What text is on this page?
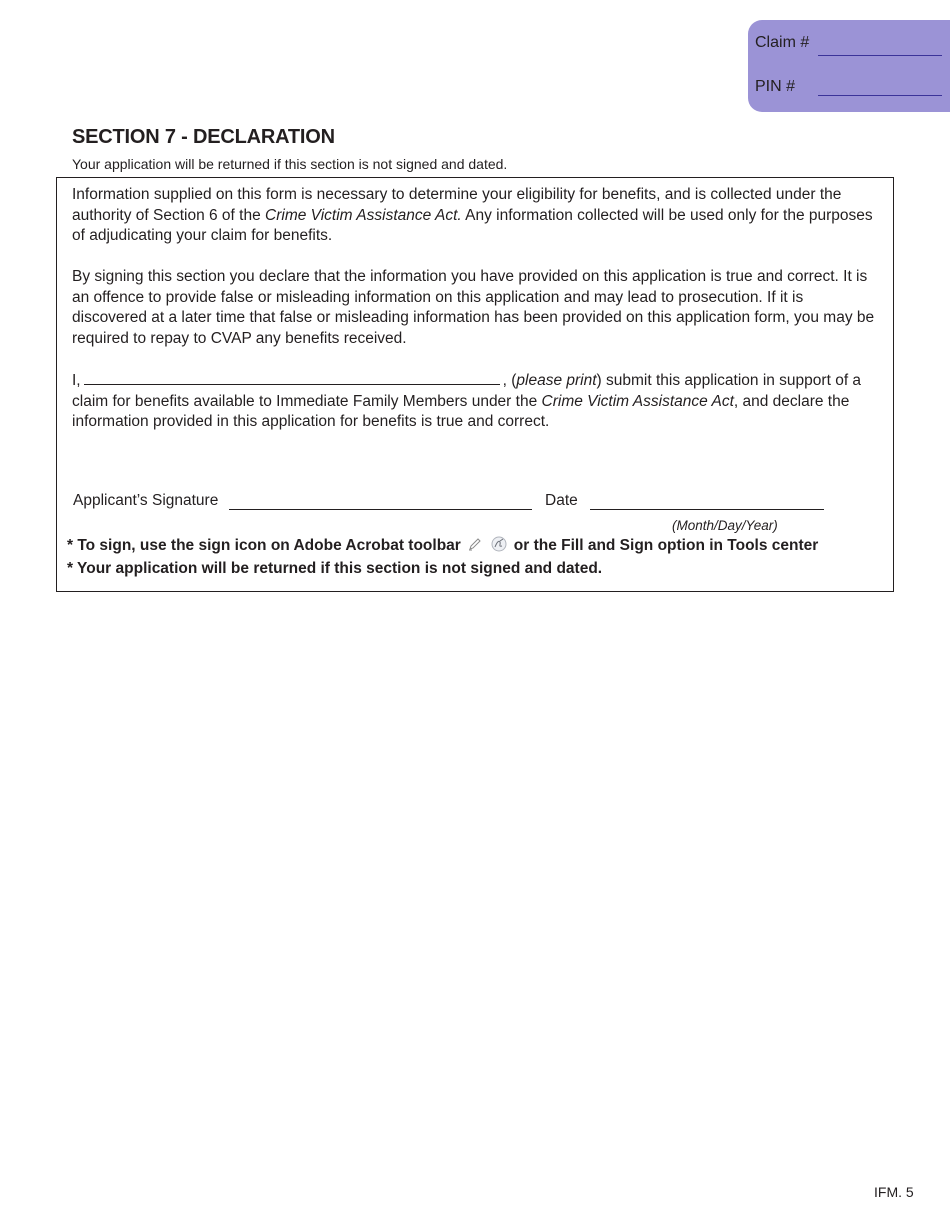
Claim #
PIN #
SECTION 7 - DECLARATION
Your application will be returned if this section is not signed and dated.

Information supplied on this form is necessary to determine your eligibility for benefits, and is collected under the authority of Section 6 of the Crime Victim Assistance Act. Any information collected will be used only for the purposes of adjudicating your claim for benefits.

By signing this section you declare that the information you have provided on this application is true and correct. It is an offence to provide false or misleading information on this application and may lead to prosecution. If it is discovered at a later time that false or misleading information has been provided on this application form, you may be required to repay to CVAP any benefits received.

I,	, (please print) submit this application in support of a claim for benefits available to Immediate Family Members under the Crime Victim Assistance Act, and declare the information provided in this application for benefits is true and correct.

Applicant’s Signature	Date
(Month/Day/Year)
* To sign, use the sign icon on Adobe Acrobat toolbar	or the Fill and Sign option in Tools center
* Your application will be returned if this section is not signed and dated.
IFM. 5
